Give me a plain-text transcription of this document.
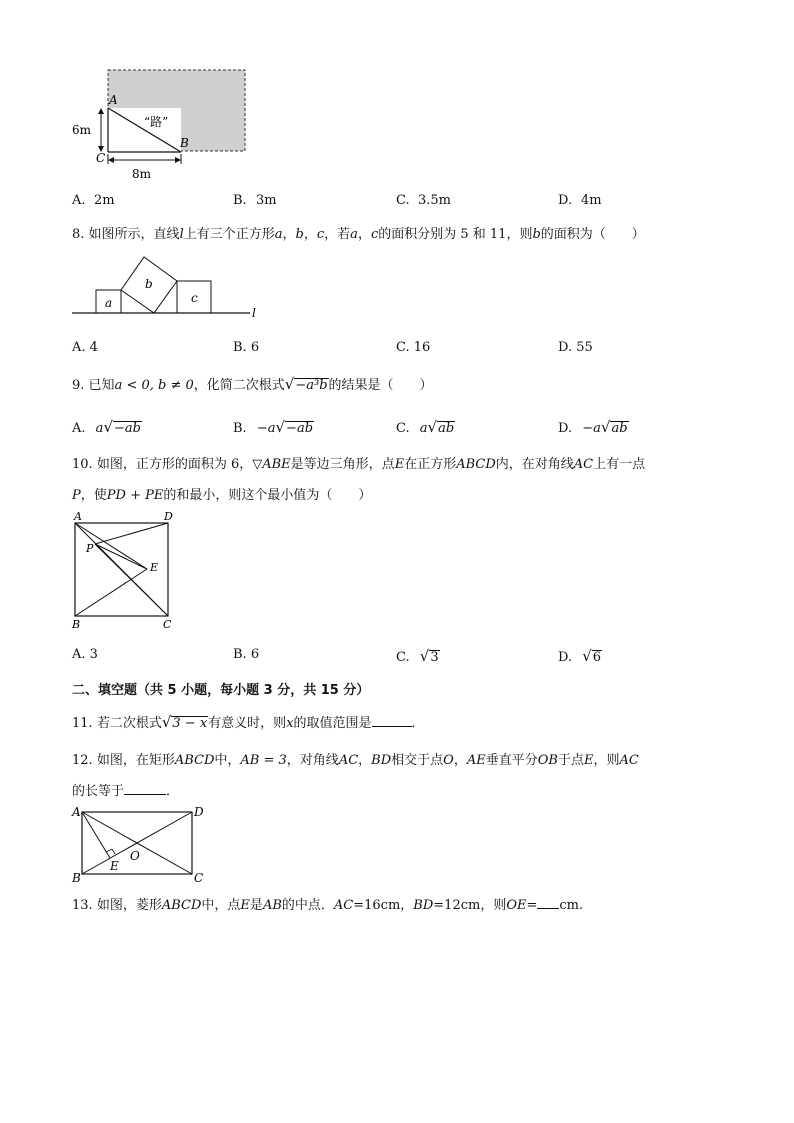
6m
8m
A
B
C
“路”
A. 2m	B. 3m	C. 3.5m	D. 4m
8. 如图所示，直线l上有三个正方形a，b，c，若a，c的面积分别为 5 和 11，则b的面积为（　　）
a
b
c
l
A. 4	B. 6	C. 16	D. 55
9. 已知a < 0, b ≠ 0，化简二次根式√−a³b的结果是（　　）
A. a√−ab	B. −a√−ab	C. a√ab	D. −a√ab
10. 如图，正方形的面积为 6，▽ABE是等边三角形，点E在正方形ABCD内，在对角线AC上有一点
P，使PD + PE的和最小，则这个最小值为（　　）
A	D
B	C
E
P
A. 3	B. 6	C. √3	D. √6
二、填空题（共 5 小题，每小题 3 分，共 15 分）
11. 若二次根式√3 − x有意义时，则x的取值范围是	．
12. 如图，在矩形ABCD中，AB = 3，对角线AC，BD相交于点O，AE垂直平分OB于点E，则AC
的长等于	．
A	D
B	C
E
O
13. 如图，菱形ABCD中，点E是AB的中点．AC=16cm，BD=12cm，则OE= cm.
